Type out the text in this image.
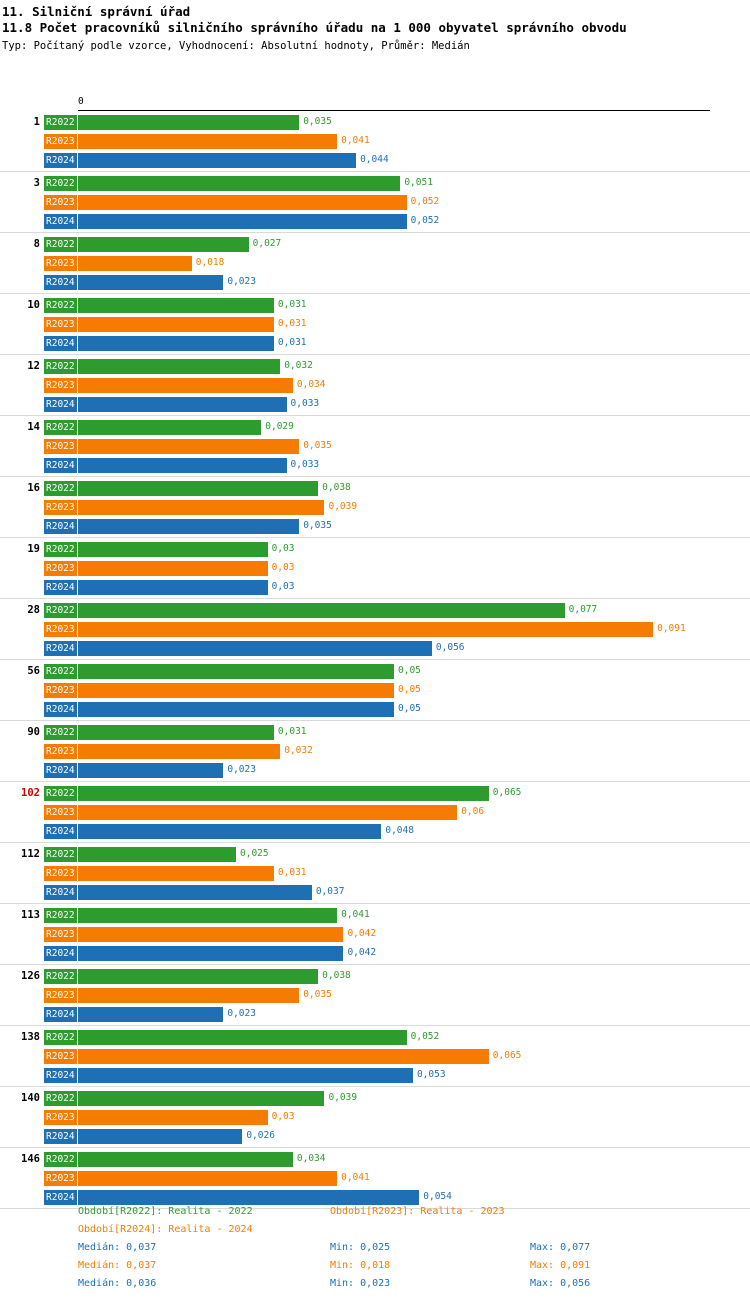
11. Silniční správní úřad
11.8 Počet pracovníků silničního správního úřadu na 1 000 obyvatel správního obvodu
Typ: Počítaný podle vzorce, Vyhodnocení: Absolutní hodnoty, Průměr: Medián
0
1 R2022	0,035
R2023	0,041
R2024	0,044
3 R2022	0,051
R2023	0,052
R2024	0,052
8 R2022	0,027
R2023	0,018
R2024	0,023
10 R2022	0,031
R2023	0,031
R2024	0,031
12 R2022	0,032
R2023	0,034
R2024	0,033
14 R2022	0,029
R2023	0,035
R2024	0,033
16 R2022	0,038
R2023	0,039
R2024	0,035
19 R2022	0,03
R2023	0,03
R2024	0,03
28 R2022	0,077
R2023	0,091
R2024	0,056
56 R2022	0,05
R2023	0,05
R2024	0,05
90 R2022	0,031
R2023	0,032
R2024	0,023
102 R2022	0,065
R2023	0,06
R2024	0,048
112 R2022	0,025
R2023	0,031
R2024	0,037
113 R2022	0,041
R2023	0,042
R2024	0,042
126 R2022	0,038
R2023	0,035
R2024	0,023
138 R2022	0,052
R2023	0,065
R2024	0,053
140 R2022	0,039
R2023	0,03
R2024	0,026
146 R2022	0,034
R2023	0,041
R2024	0,054
Období[R2022]: Realita - 2022	Období[R2023]: Realita - 2023
Období[R2024]: Realita - 2024
Medián: 0,037	Min: 0,025	Max: 0,077
Medián: 0,037	Min: 0,018	Max: 0,091
Medián: 0,036	Min: 0,023	Max: 0,056
